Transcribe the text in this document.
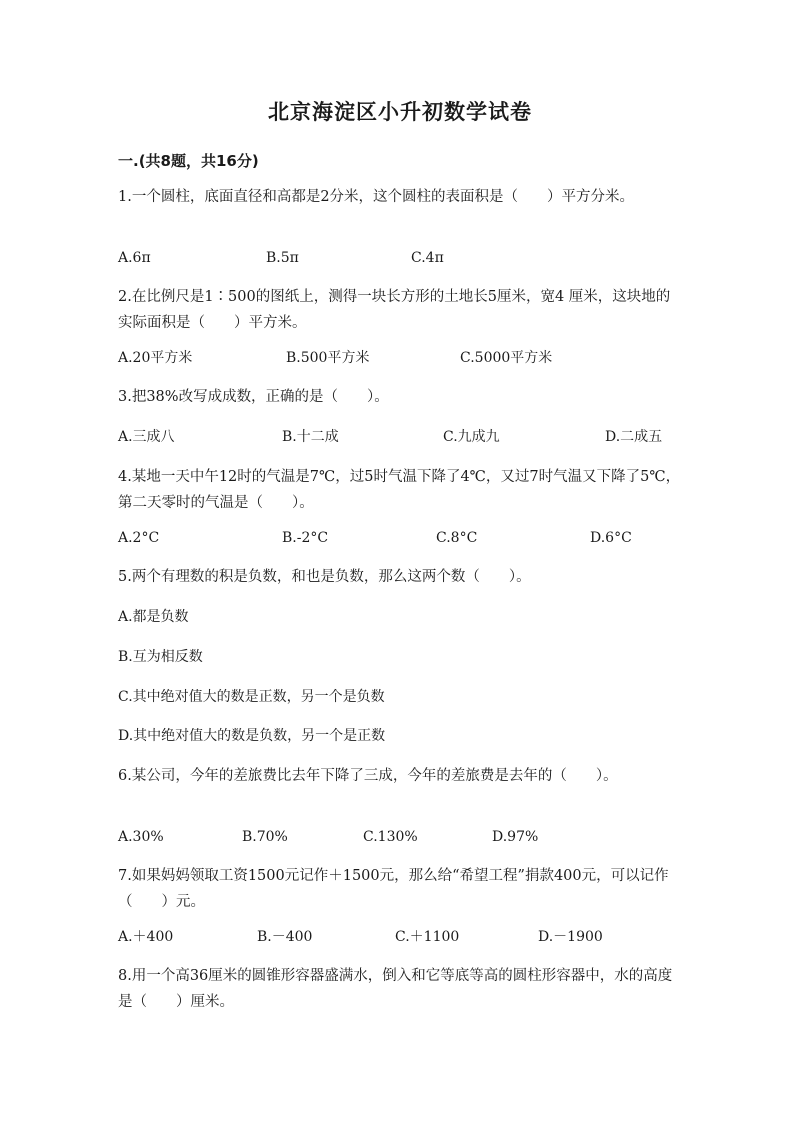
北京海淀区小升初数学试卷
一.(共8题，共16分)
1.一个圆柱，底面直径和高都是2分米，这个圆柱的表面积是（　　）平方分米。
A.6π	B.5π	C.4π
2.在比例尺是1∶500的图纸上，测得一块长方形的土地长5厘米，宽4 厘米，这块地的实际面积是（　　）平方米。
A.20平方米	B.500平方米	C.5000平方米
3.把38%改写成成数，正确的是（　　）。
A.三成八	B.十二成	C.九成九	D.二成五
4.某地一天中午12时的气温是7℃，过5时气温下降了4℃，又过7时气温又下降了5℃，第二天零时的气温是（　　）。
A.2°C	B.-2°C	C.8°C	D.6°C
5.两个有理数的积是负数，和也是负数，那么这两个数（　　）。
A.都是负数
B.互为相反数
C.其中绝对值大的数是正数，另一个是负数
D.其中绝对值大的数是负数，另一个是正数
6.某公司，今年的差旅费比去年下降了三成，今年的差旅费是去年的（　　）。
A.30%	B.70%	C.130%	D.97%
7.如果妈妈领取工资1500元记作＋1500元，那么给“希望工程”捐款400元，可以记作（　　）元。
A.＋400	B.－400	C.＋1100	D.－1900
8.用一个高36厘米的圆锥形容器盛满水，倒入和它等底等高的圆柱形容器中，水的高度是（　　）厘米。
